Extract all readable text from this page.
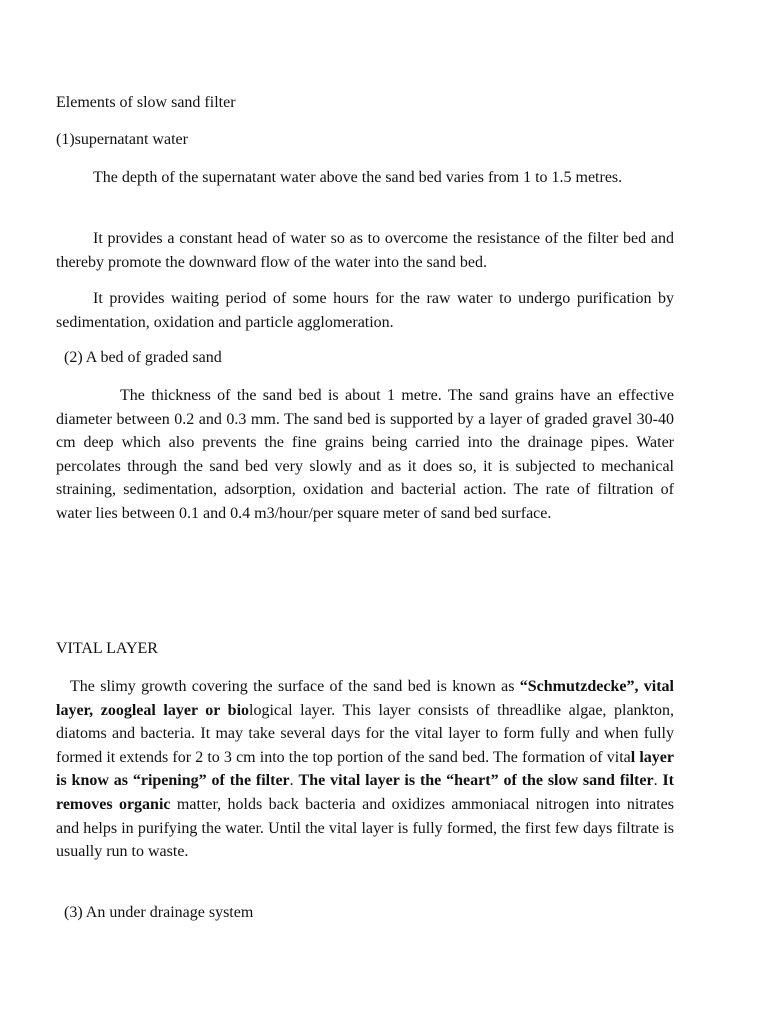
Elements of slow sand filter

(1)supernatant water

The depth of the supernatant water above the sand bed varies from 1 to 1.5 metres.

It provides a constant head of water so as to overcome the resistance of the filter bed and thereby promote the downward flow of the water into the sand bed.

It provides waiting period of some hours for the raw water to undergo purification by sedimentation, oxidation and particle agglomeration.

(2) A bed of graded sand

The thickness of the sand bed is about 1 metre. The sand grains have an effective diameter between 0.2 and 0.3 mm. The sand bed is supported by a layer of graded gravel 30-40 cm deep which also prevents the fine grains being carried into the drainage pipes. Water percolates through the sand bed very slowly and as it does so, it is subjected to mechanical straining, sedimentation, adsorption, oxidation and bacterial action. The rate of filtration of water lies between 0.1 and 0.4 m3/hour/per square meter of sand bed surface.

VITAL LAYER

The slimy growth covering the surface of the sand bed is known as “Schmutzdecke”, vital layer, zoogleal layer or biological layer. This layer consists of threadlike algae, plankton, diatoms and bacteria. It may take several days for the vital layer to form fully and when fully formed it extends for 2 to 3 cm into the top portion of the sand bed. The formation of vital layer is know as “ripening” of the filter. The vital layer is the “heart” of the slow sand filter. It removes organic matter, holds back bacteria and oxidizes ammoniacal nitrogen into nitrates and helps in purifying the water. Until the vital layer is fully formed, the first few days filtrate is usually run to waste.

(3) An under drainage system
